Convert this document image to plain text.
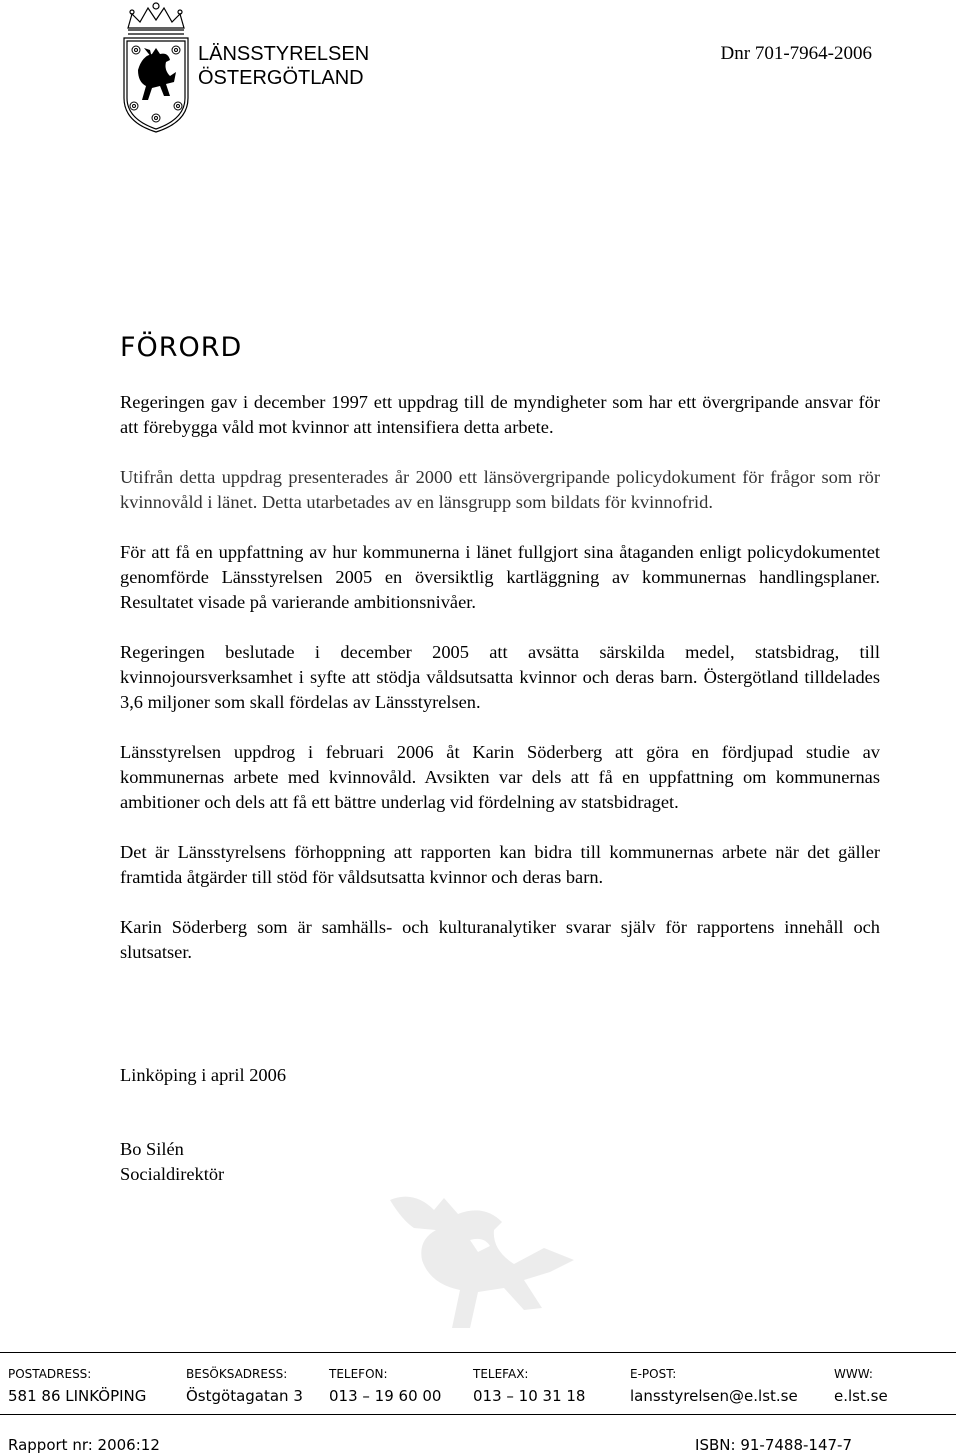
LÄNSSTYRELSEN
ÖSTERGÖTLAND
Dnr 701-7964-2006
FÖRORD

Regeringen gav i december 1997 ett uppdrag till de myndigheter som har ett övergripande ansvar för att förebygga våld mot kvinnor att intensifiera detta arbete.

Utifrån detta uppdrag presenterades år 2000 ett länsövergripande policydokument för frågor som rör kvinnovåld i länet. Detta utarbetades av en länsgrupp som bildats för kvinnofrid.

För att få en uppfattning av hur kommunerna i länet fullgjort sina åtaganden enligt policydokumentet genomförde Länsstyrelsen 2005 en översiktlig kartläggning av kommunernas handlingsplaner. Resultatet visade på varierande ambitionsnivåer.

Regeringen beslutade i december 2005 att avsätta särskilda medel, statsbidrag, till kvinnojoursverksamhet i syfte att stödja våldsutsatta kvinnor och deras barn. Östergötland tilldelades 3,6 miljoner som skall fördelas av Länsstyrelsen.

Länsstyrelsen uppdrog i februari 2006 åt Karin Söderberg att göra en fördjupad studie av kommunernas arbete med kvinnovåld. Avsikten var dels att få en uppfattning om kommunernas ambitioner och dels att få ett bättre underlag vid fördelning av statsbidraget.

Det är Länsstyrelsens förhoppning att rapporten kan bidra till kommunernas arbete när det gäller framtida åtgärder till stöd för våldsutsatta kvinnor och deras barn.

Karin Söderberg som är samhälls- och kulturanalytiker svarar själv för rapportens innehåll och slutsatser.

Linköping i april 2006
Bo Silén
Socialdirektör
POSTADRESS:
581 86 LINKÖPING
BESÖKSADRESS:
Östgötagatan 3
TELEFON:
013 – 19 60 00
TELEFAX:
013 – 10 31 18
E-POST:
lansstyrelsen@e.lst.se
WWW:
e.lst.se
Rapport nr: 2006:12	ISBN: 91-7488-147-7
